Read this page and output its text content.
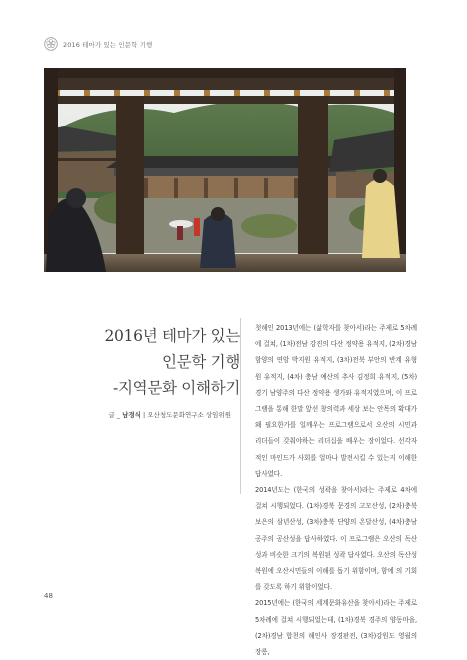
2016 테마가 있는 인문학 기행
2016년 테마가 있는
인문학 기행
-지역문화 이해하기
글 _ 남경식 | 오산청도문화연구소 상임위원

첫해인 2013년에는 (삶학자를 찾아서)라는 주제로 5차례에 걸쳐, (1차)전남 강진의 다산 정약용 유적지, (2차)경남 함양의 연암 박지원 유적지, (3차)전북 부안의 반계 유형원 유적지, (4차) 충남 예산의 추사 김정희 유적지, (5차)경기 남양주의 다산 정약용 생가와 유적지였으며, 이 프로그램을 통해 한말 앞선 창의력과 세상 보는 안목의 확대가 왜 필요한가를 일깨우는 프로그램으로서 오산의 시민과 리더들이 갖춰야하는 리더십을 배우는 장이었다. 선각자적인 마인드가 사회를 얼마나 발전시킬 수 있는지 이해한 답사였다.

2014년도는 (한국의 성곽을 찾아서)라는 주제로 4차에 걸쳐 시행되었다. (1차)경북 문경의 고모산성, (2차)충북 보은의 삼년산성, (3차)충북 단양의 온달산성, (4차)충남 공주의 공산성을 답사하였다. 이 프로그램은 오산의 독산성과 비슷한 크기의 복원된 성곽 답사였다. 오산의 독산성 복원에 오산시민들의 이해를 돕기 위함이며, 함에 의 기회를 갖도록 하기 위함이었다.

2015년에는 (한국의 세계문화유산을 찾아서)라는 주제로 5차례에 걸쳐 시행되었는데, (1차)경북 경주의 양동마을, (2차)경남 합천의 해인사 장경판전, (3차)강원도 영월의 장릉,

48
